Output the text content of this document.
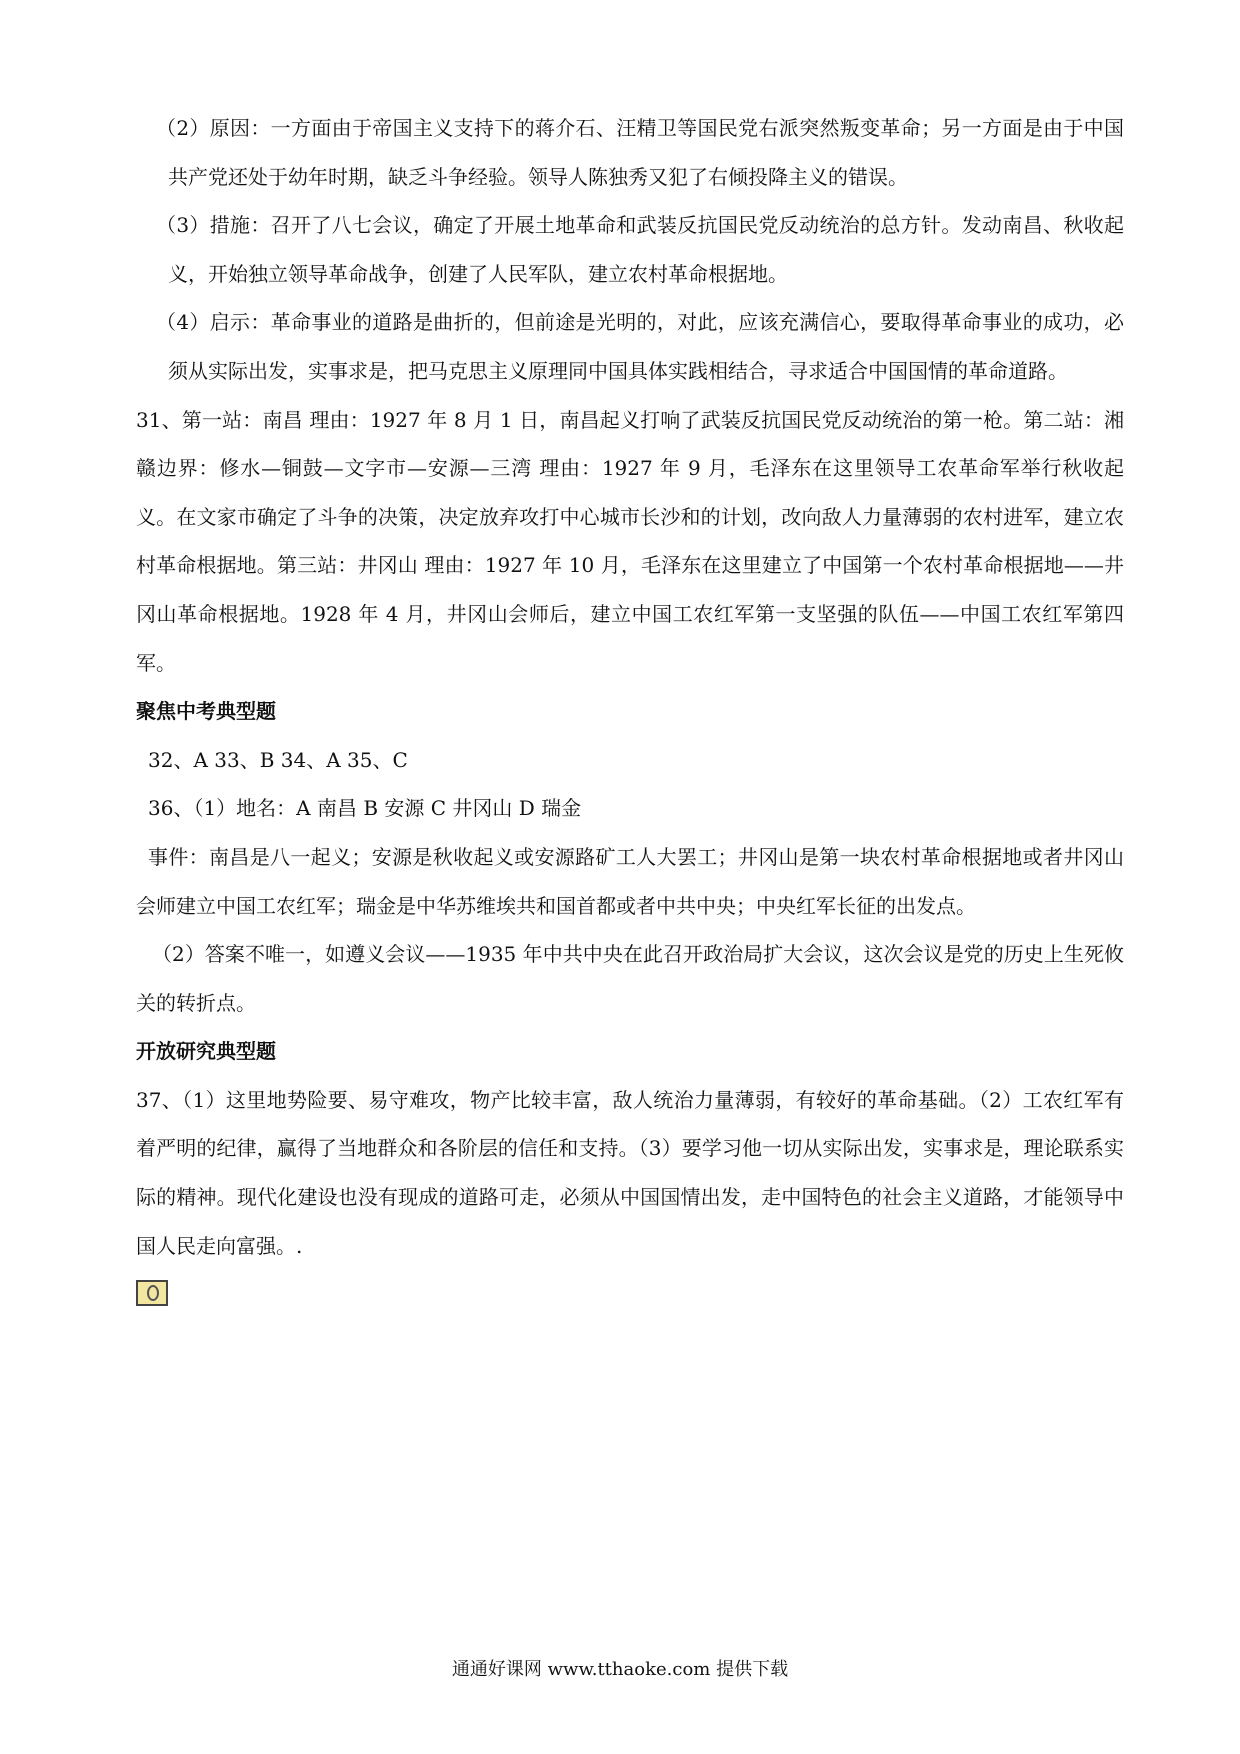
（2）原因：一方面由于帝国主义支持下的蒋介石、汪精卫等国民党右派突然叛变革命；另一方面是由于中国共产党还处于幼年时期，缺乏斗争经验。领导人陈独秀又犯了右倾投降主义的错误。

（3）措施：召开了八七会议，确定了开展土地革命和武装反抗国民党反动统治的总方针。发动南昌、秋收起义，开始独立领导革命战争，创建了人民军队，建立农村革命根据地。

（4）启示：革命事业的道路是曲折的，但前途是光明的，对此，应该充满信心，要取得革命事业的成功，必须从实际出发，实事求是，把马克思主义原理同中国具体实践相结合，寻求适合中国国情的革命道路。

31、第一站：南昌 理由：1927 年 8 月 1 日，南昌起义打响了武装反抗国民党反动统治的第一枪。第二站：湘赣边界：修水—铜鼓—文字市—安源—三湾 理由：1927 年 9 月，毛泽东在这里领导工农革命军举行秋收起义。在文家市确定了斗争的决策，决定放弃攻打中心城市长沙和的计划，改向敌人力量薄弱的农村进军，建立农村革命根据地。第三站：井冈山 理由：1927 年 10 月，毛泽东在这里建立了中国第一个农村革命根据地——井冈山革命根据地。1928 年 4 月，井冈山会师后，建立中国工农红军第一支坚强的队伍——中国工农红军第四军。

聚焦中考典型题

32、A 33、B 34、A 35、C

36、（1）地名：A 南昌 B 安源 C 井冈山 D 瑞金

事件：南昌是八一起义；安源是秋收起义或安源路矿工人大罢工；井冈山是第一块农村革命根据地或者井冈山会师建立中国工农红军；瑞金是中华苏维埃共和国首都或者中共中央；中央红军长征的出发点。

（2）答案不唯一，如遵义会议——1935 年中共中央在此召开政治局扩大会议，这次会议是党的历史上生死攸关的转折点。

开放研究典型题

37、（1）这里地势险要、易守难攻，物产比较丰富，敌人统治力量薄弱，有较好的革命基础。（2）工农红军有着严明的纪律，赢得了当地群众和各阶层的信任和支持。（3）要学习他一切从实际出发，实事求是，理论联系实际的精神。现代化建设也没有现成的道路可走，必须从中国国情出发，走中国特色的社会主义道路，才能领导中国人民走向富强。.

通通好课网 www.tthaoke.com 提供下载
